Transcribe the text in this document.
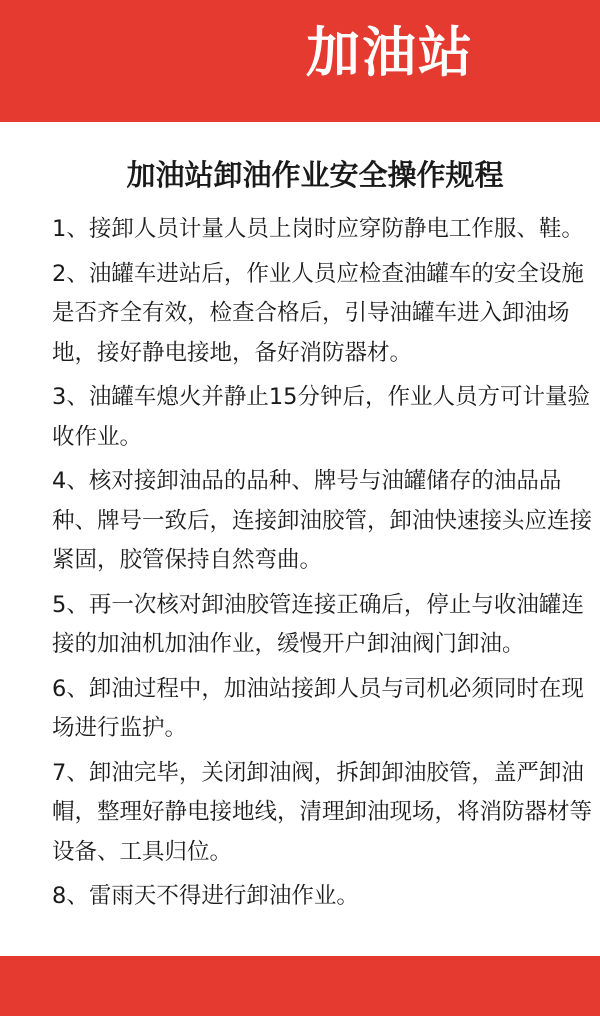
加油站
加油站卸油作业安全操作规程
1、接卸人员计量人员上岗时应穿防静电工作服、鞋。
2、油罐车进站后，作业人员应检查油罐车的安全设施是否齐全有效，检查合格后，引导油罐车进入卸油场地，接好静电接地，备好消防器材。
3、油罐车熄火并静止15分钟后，作业人员方可计量验收作业。
4、核对接卸油品的品种、牌号与油罐储存的油品品种、牌号一致后，连接卸油胶管，卸油快速接头应连接紧固，胶管保持自然弯曲。
5、再一次核对卸油胶管连接正确后，停止与收油罐连接的加油机加油作业，缓慢开户卸油阀门卸油。
6、卸油过程中，加油站接卸人员与司机必须同时在现场进行监护。
7、卸油完毕，关闭卸油阀，拆卸卸油胶管，盖严卸油帽，整理好静电接地线，清理卸油现场，将消防器材等设备、工具归位。
8、雷雨天不得进行卸油作业。
